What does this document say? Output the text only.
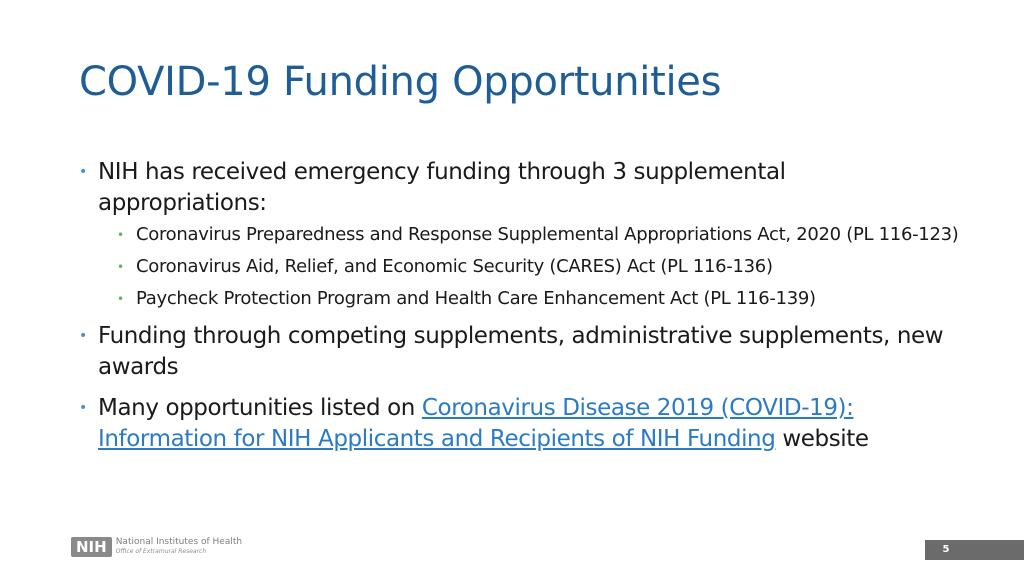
COVID-19 Funding Opportunities
• NIH has received emergency funding through 3 supplemental appropriations:
• Coronavirus Preparedness and Response Supplemental Appropriations Act, 2020 (PL 116-123)
• Coronavirus Aid, Relief, and Economic Security (CARES) Act (PL 116-136)
• Paycheck Protection Program and Health Care Enhancement Act (PL 116-139)
• Funding through competing supplements, administrative supplements, new awards
• Many opportunities listed on Coronavirus Disease 2019 (COVID-19): Information for NIH Applicants and Recipients of NIH Funding website
NIH	National Institutes of Health
Office of Extramural Research	5
